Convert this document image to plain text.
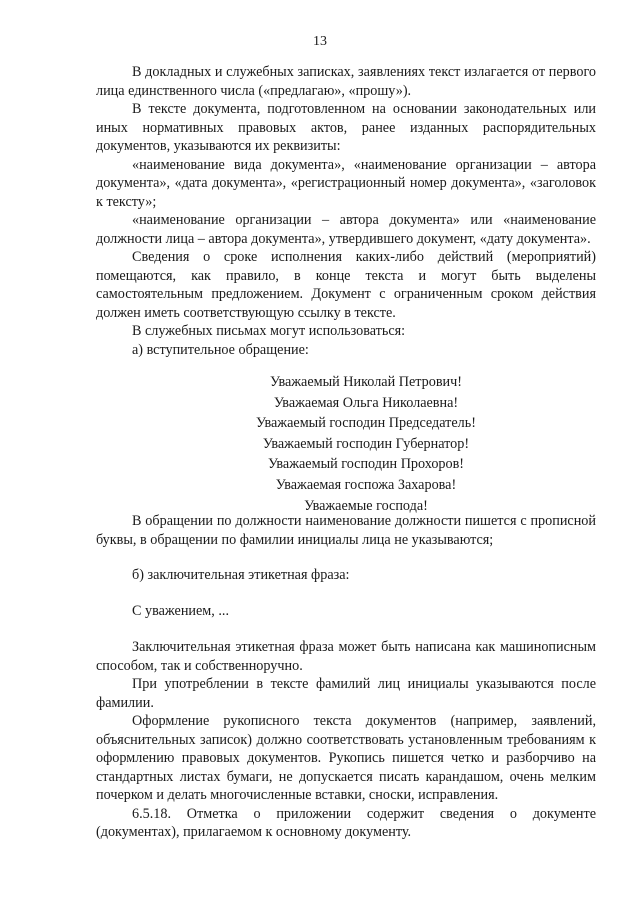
13

В докладных и служебных записках, заявлениях текст излагается от первого лица единственного числа («предлагаю», «прошу»).

В тексте документа, подготовленном на основании законодательных или иных нормативных правовых актов, ранее изданных распорядительных документов, указываются их реквизиты:

«наименование вида документа», «наименование организации – автора документа», «дата документа», «регистрационный номер документа», «заголовок к тексту»;

«наименование организации – автора документа» или «наименование должности лица – автора документа», утвердившего документ, «дату документа».

Сведения о сроке исполнения каких-либо действий (мероприятий) помещаются, как правило, в конце текста и могут быть выделены самостоятельным предложением. Документ с ограниченным сроком действия должен иметь соответствующую ссылку в тексте.

В служебных письмах могут использоваться:

а) вступительное обращение:

Уважаемый Николай Петрович!

Уважаемая Ольга Николаевна!

Уважаемый господин Председатель!

Уважаемый господин Губернатор!

Уважаемый господин Прохоров!

Уважаемая госпожа Захарова!

Уважаемые господа!

В обращении по должности наименование должности пишется с прописной буквы, в обращении по фамилии инициалы лица не указываются;

б) заключительная этикетная фраза:

С уважением, ...

Заключительная этикетная фраза может быть написана как машинописным способом, так и собственноручно.

При употреблении в тексте фамилий лиц инициалы указываются после фамилии.

Оформление рукописного текста документов (например, заявлений, объяснительных записок) должно соответствовать установленным требованиям к оформлению правовых документов. Рукопись пишется четко и разборчиво на стандартных листах бумаги, не допускается писать карандашом, очень мелким почерком и делать многочисленные вставки, сноски, исправления.

6.5.18. Отметка о приложении содержит сведения о документе (документах), прилагаемом к основному документу.
